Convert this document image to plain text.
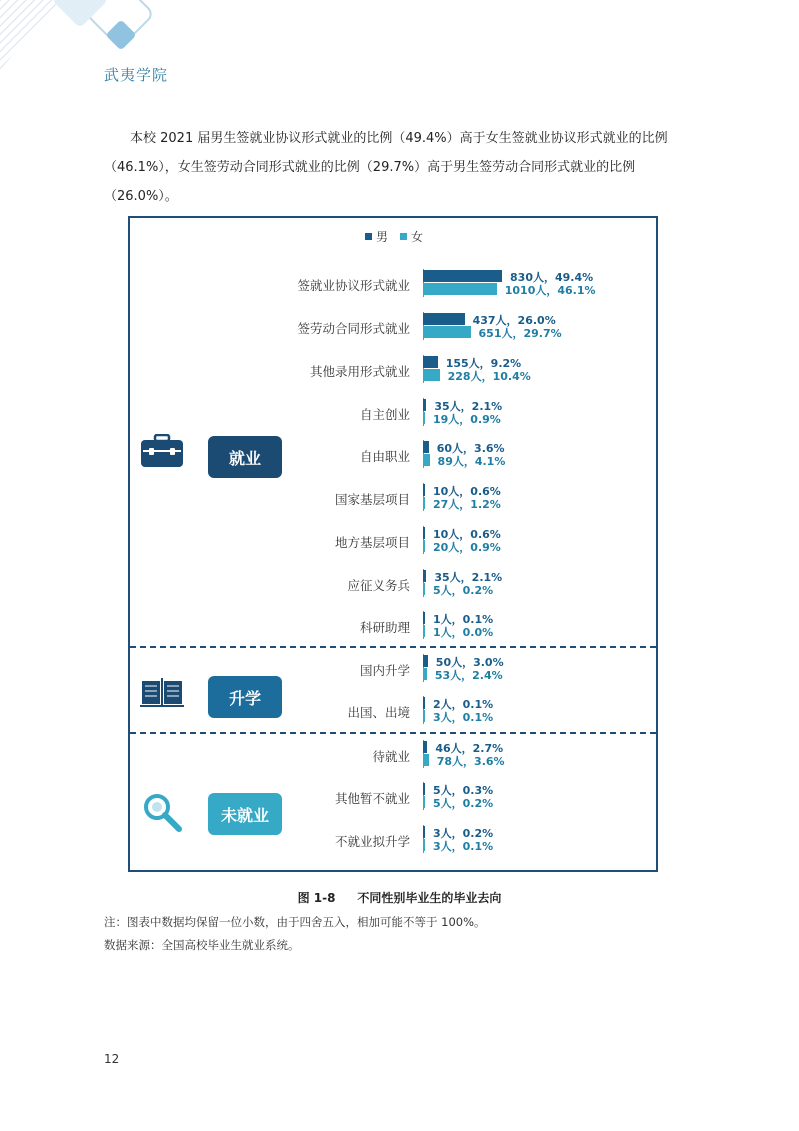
武夷学院
本校 2021 届男生签就业协议形式就业的比例（49.4%）高于女生签就业协议形式就业的比例（46.1%），女生签劳动合同形式就业的比例（29.7%）高于男生签劳动合同形式就业的比例（26.0%）。
男 女
签就业协议形式就业
830人，49.4%
1010人，46.1%
签劳动合同形式就业
437人，26.0%
651人，29.7%
其他录用形式就业
155人，9.2%
228人，10.4%
自主创业
35人，2.1%
19人，0.9%
自由职业
60人，3.6%
89人，4.1%
国家基层项目
10人，0.6%
27人，1.2%
地方基层项目
10人，0.6%
20人，0.9%
应征义务兵
35人，2.1%
5人，0.2%
科研助理
1人，0.1%
1人，0.0%
国内升学
50人，3.0%
53人，2.4%
出国、出境
2人，0.1%
3人，0.1%
待就业
46人，2.7%
78人，3.6%
其他暂不就业
5人，0.3%
5人，0.2%
不就业拟升学
3人，0.2%
3人，0.1%
就业
升学
未就业
图 1-8 不同性别毕业生的毕业去向
注：图表中数据均保留一位小数，由于四舍五入，相加可能不等于 100%。
数据来源：全国高校毕业生就业系统。
12
